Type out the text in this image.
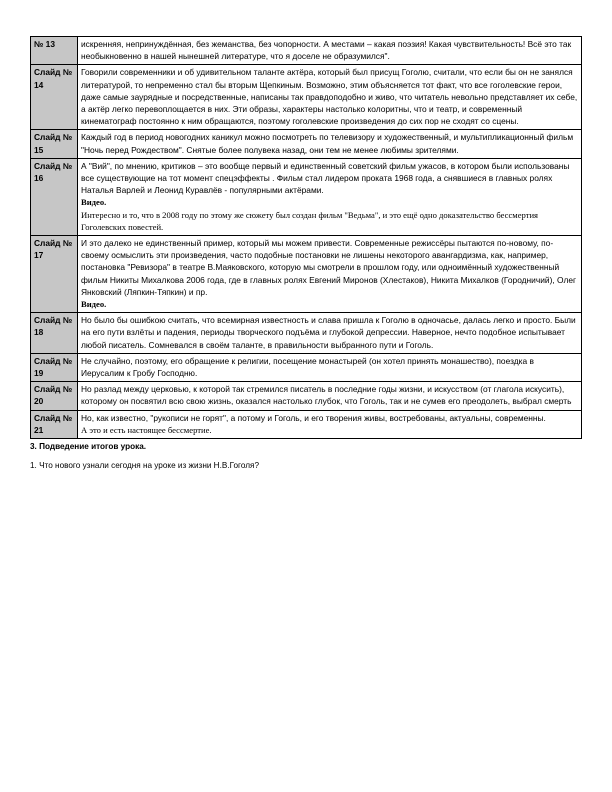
№ 13	искренняя, непринуждённая, без жеманства, без чопорности. А местами – какая поэзия! Какая чувствительность! Всё это так необыкновенно в нашей нынешней литературе, что я доселе не образумился".
Слайд № 14	Говорили современники и об удивительном таланте актёра, который был присущ Гоголю, считали, что если бы он не занялся литературой, то непременно стал бы вторым Щепкиным. Возможно, этим объясняется тот факт, что все гоголевские герои, даже самые заурядные и посредственные, написаны так правдоподобно и живо, что читатель невольно представляет их себе, а актёр легко перевоплощается в них. Эти образы, характеры настолько колоритны, что и театр, и современный кинематограф постоянно к ним обращаются, поэтому гоголевские произведения до сих пор не сходят со сцены.
Слайд № 15	Каждый год в период новогодних каникул можно посмотреть по телевизору и художественный, и мультипликационный фильм "Ночь перед Рождеством". Снятые более полувека назад, они тем не менее любимы зрителями.
Слайд № 16	А "Вий", по мнению, критиков – это вообще первый и единственный советский фильм ужасов, в котором были использованы все существующие на тот момент спецэффекты . Фильм стал лидером проката 1968 года, а снявшиеся в главных ролях Наталья Варлей и Леонид Куравлёв - популярными актёрами.
Видео.
Интересно и то, что в 2008 году по этому же сюжету был создан фильм "Ведьма", и это ещё одно доказательство бессмертия Гоголевских повестей.

Слайд № 17	И это далеко не единственный пример, который мы можем привести. Современные режиссёры пытаются по-новому, по-своему осмыслить эти произведения, часто подобные постановки не лишены некоторого авангардизма, как, например, постановка "Ревизора" в театре В.Маяковского, которую мы смотрели в прошлом году, или одноимённый художественный фильм Никиты Михалкова 2006 года, где в главных ролях Евгений Миронов (Хлестаков), Никита Михалков (Городничий), Олег Янковский (Ляпкин-Тяпкин) и пр.
Видео.

Слайд № 18	Но было бы ошибкою считать, что всемирная известность и слава пришла к Гоголю в одночасье, далась легко и просто. Были на его пути взлёты и падения, периоды творческого подъёма и глубокой депрессии. Наверное, нечто подобное испытывает любой писатель. Сомневался в своём таланте, в правильности выбранного пути и Гоголь.
Слайд № 19	Не случайно, поэтому, его обращение к религии, посещение монастырей (он хотел принять монашество), поездка в Иерусалим к Гробу Господню.
Слайд № 20	Но разлад между церковью, к которой так стремился писатель в последние годы жизни, и искусством (от глагола искусить), которому он посвятил всю свою жизнь, оказался настолько глубок, что Гоголь, так и не сумев его преодолеть, выбрал смерть
Слайд № 21	Но, как известно, "рукописи не горят", а потому и Гоголь, и его творения живы, востребованы, актуальны, современны.
А это и есть настоящее бессмертие.
3. Подведение итогов урока.
1. Что нового узнали сегодня на уроке из жизни Н.В.Гоголя?
